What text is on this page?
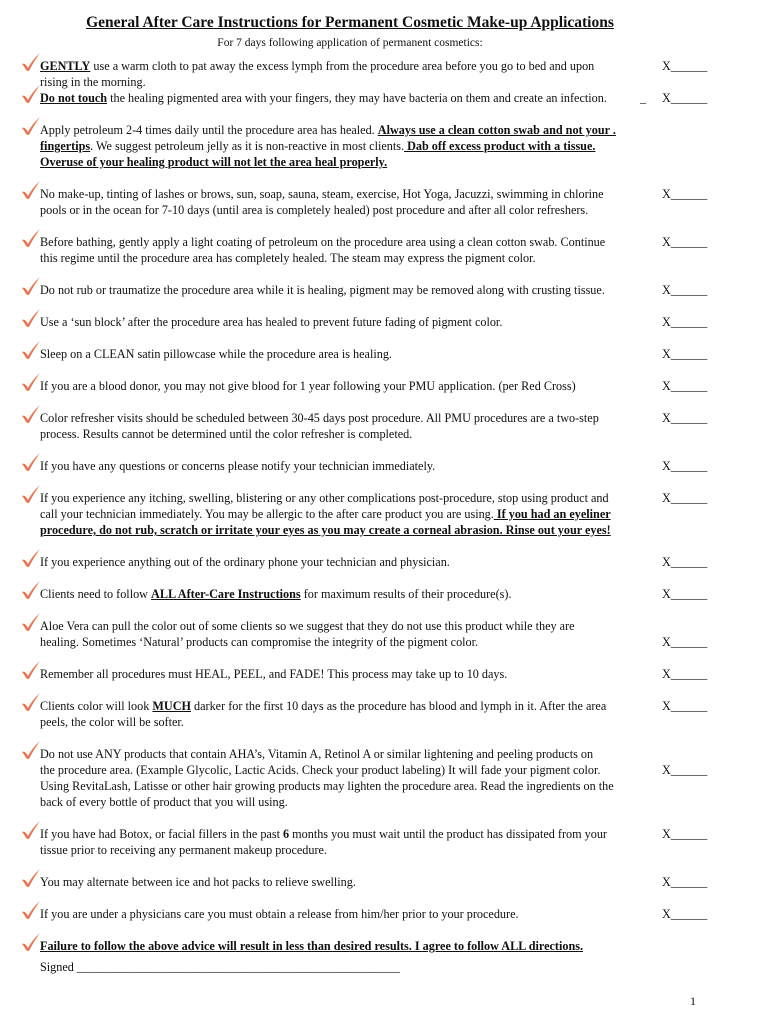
General After Care Instructions for Permanent Cosmetic Make-up Applications
For 7 days following application of permanent cosmetics:
GENTLY use a warm cloth to pat away the excess lymph from the procedure area before you go to bed and upon
rising in the morning.
X______
Do not touch the healing pigmented area with your fingers, they may have bacteria on them and create an infection.	X______
_
Apply petroleum 2-4 times daily until the procedure area has healed. Always use a clean cotton swab and not your .
fingertips. We suggest petroleum jelly as it is non-reactive in most clients. Dab off excess product with a tissue.
Overuse of your healing product will not let the area heal properly.
No make-up, tinting of lashes or brows, sun, soap, sauna, steam, exercise, Hot Yoga, Jacuzzi, swimming in chlorine
pools or in the ocean for 7-10 days (until area is completely healed) post procedure and after all color refreshers.
X______
Before bathing, gently apply a light coating of petroleum on the procedure area using a clean cotton swab. Continue
this regime until the procedure area has completely healed. The steam may express the pigment color.
X______
Do not rub or traumatize the procedure area while it is healing, pigment may be removed along with crusting tissue.	X______
Use a ‘sun block’ after the procedure area has healed to prevent future fading of pigment color.	X______
Sleep on a CLEAN satin pillowcase while the procedure area is healing.	X______
If you are a blood donor, you may not give blood for 1 year following your PMU application. (per Red Cross)	X______
Color refresher visits should be scheduled between 30-45 days post procedure. All PMU procedures are a two-step
process. Results cannot be determined until the color refresher is completed.
X______
If you have any questions or concerns please notify your technician immediately.	X______
If you experience any itching, swelling, blistering or any other complications post-procedure, stop using product and
call your technician immediately. You may be allergic to the after care product you are using. If you had an eyeliner
procedure, do not rub, scratch or irritate your eyes as you may create a corneal abrasion. Rinse out your eyes!
X______
If you experience anything out of the ordinary phone your technician and physician.	X______
Clients need to follow ALL After-Care Instructions for maximum results of their procedure(s).	X______
Aloe Vera can pull the color out of some clients so we suggest that they do not use this product while they are
healing. Sometimes ‘Natural’ products can compromise the integrity of the pigment color.	X______
Remember all procedures must HEAL, PEEL, and FADE! This process may take up to 10 days.	X______
Clients color will look MUCH darker for the first 10 days as the procedure has blood and lymph in it. After the area
peels, the color will be softer.
X______
Do not use ANY products that contain AHA’s, Vitamin A, Retinol A or similar lightening and peeling products on
the procedure area. (Example Glycolic, Lactic Acids. Check your product labeling) It will fade your pigment color.
Using RevitaLash, Latisse or other hair growing products may lighten the procedure area. Read the ingredients on the
back of every bottle of product that you will using.
X______
If you have had Botox, or facial fillers in the past 6 months you must wait until the product has dissipated from your
tissue prior to receiving any permanent makeup procedure.
X______
You may alternate between ice and hot packs to relieve swelling.	X______
If you are under a physicians care you must obtain a release from him/her prior to your procedure.	X______
Failure to follow the above advice will result in less than desired results. I agree to follow ALL directions.
Signed _____________________________________________________
1
